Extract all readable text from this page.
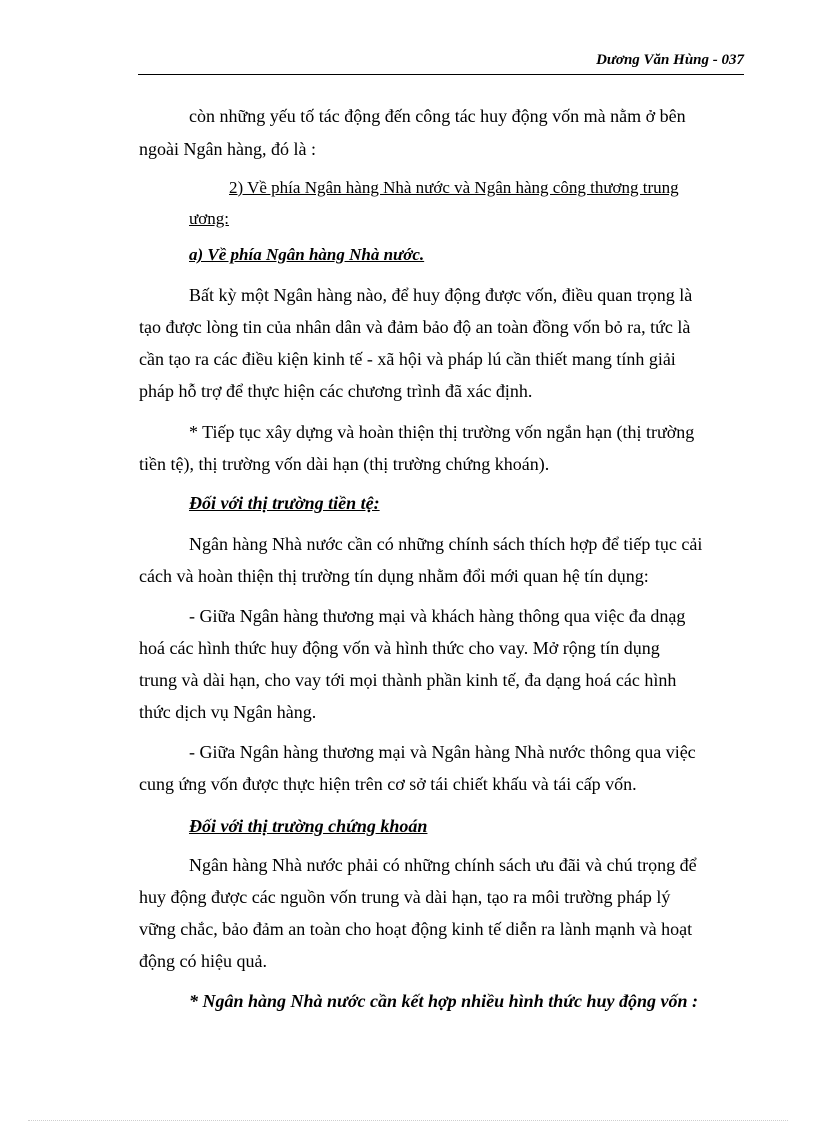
Dương Văn Hùng - 037
còn những yếu tố tác động đến công tác huy động vốn mà nằm ở bên
ngoài Ngân hàng, đó là :
2) Về phía Ngân hàng Nhà nước và Ngân hàng công thương trung
ương:
a) Về phía Ngân hàng Nhà nước.
Bất kỳ một Ngân hàng nào, để huy động được vốn, điều quan trọng là
tạo được lòng tin của nhân dân và đảm bảo độ an toàn đồng vốn bỏ ra, tức là
cần tạo ra các điều kiện kinh tế - xã hội và pháp lú cần thiết mang tính giải
pháp hỗ trợ để thực hiện các chương trình đã xác định.
* Tiếp tục xây dựng và hoàn thiện thị trường vốn ngắn hạn (thị trường
tiền tệ), thị trường vốn dài hạn (thị trường chứng khoán).
Đối với thị trường tiền tệ:
Ngân hàng Nhà nước cần có những chính sách thích hợp để tiếp tục cải
cách và hoàn thiện thị trường tín dụng nhằm đổi mới quan hệ tín dụng:
- Giữa Ngân hàng thương mại và khách hàng thông qua việc đa dnạg
hoá các hình thức huy động vốn và hình thức cho vay. Mở rộng tín dụng
trung và dài hạn, cho vay tới mọi thành phần kinh tế, đa dạng hoá các hình
thức dịch vụ Ngân hàng.
- Giữa Ngân hàng thương mại và Ngân hàng Nhà nước thông qua việc
cung ứng vốn được thực hiện trên cơ sở tái chiết khấu và tái cấp vốn.
Đối với thị trường chứng khoán
Ngân hàng Nhà nước phải có những chính sách ưu đãi và chú trọng để
huy động được các nguồn vốn trung và dài hạn, tạo ra môi trường pháp lý
vững chắc, bảo đảm an toàn cho hoạt động kinh tế diễn ra lành mạnh và hoạt
động có hiệu quả.
* Ngân hàng Nhà nước cần kết hợp nhiều hình thức huy động vốn :
